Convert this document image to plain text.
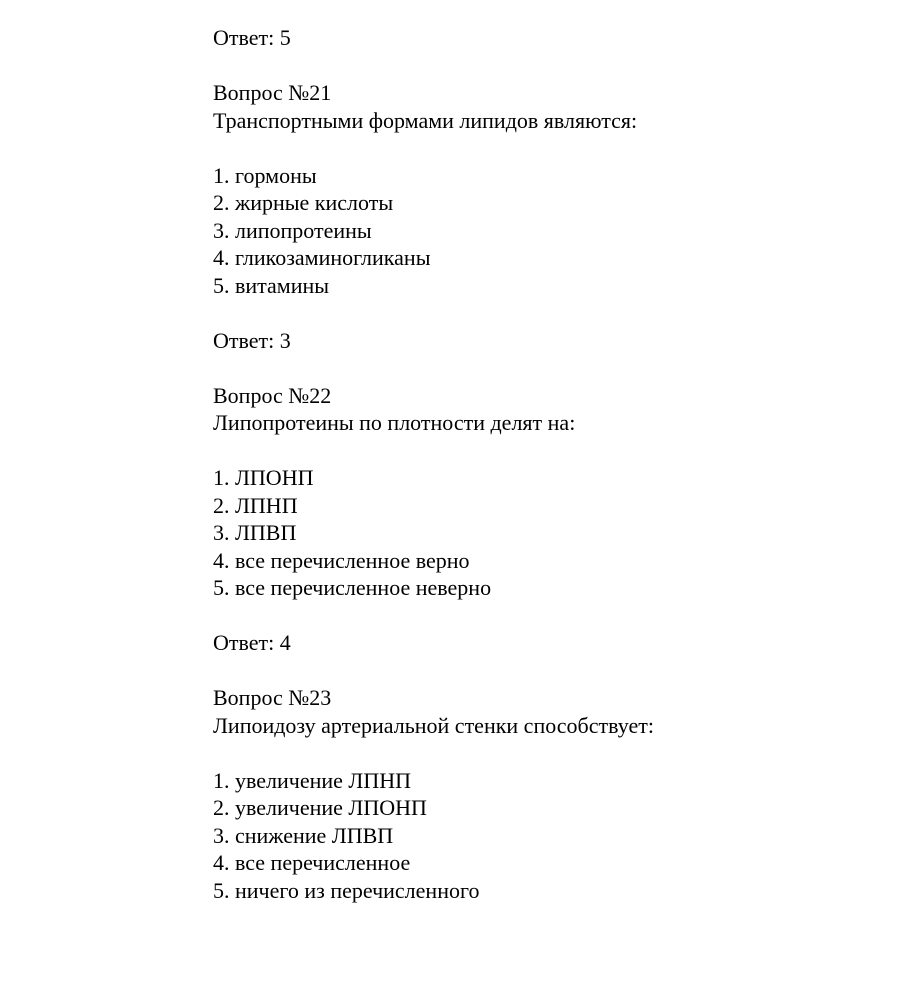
Ответ: 5
Вопрос №21
Транспортными формами липидов являются:
1. гормоны
2. жирные кислоты
3. липопротеины
4. гликозаминогликаны
5. витамины
Ответ: 3
Вопрос №22
Липопротеины по плотности делят на:
1. ЛПОНП
2. ЛПНП
3. ЛПВП
4. все перечисленное верно
5. все перечисленное неверно
Ответ: 4
Вопрос №23
Липоидозу артериальной стенки способствует:
1. увеличение ЛПНП
2. увеличение ЛПОНП
3. снижение ЛПВП
4. все перечисленное
5. ничего из перечисленного
